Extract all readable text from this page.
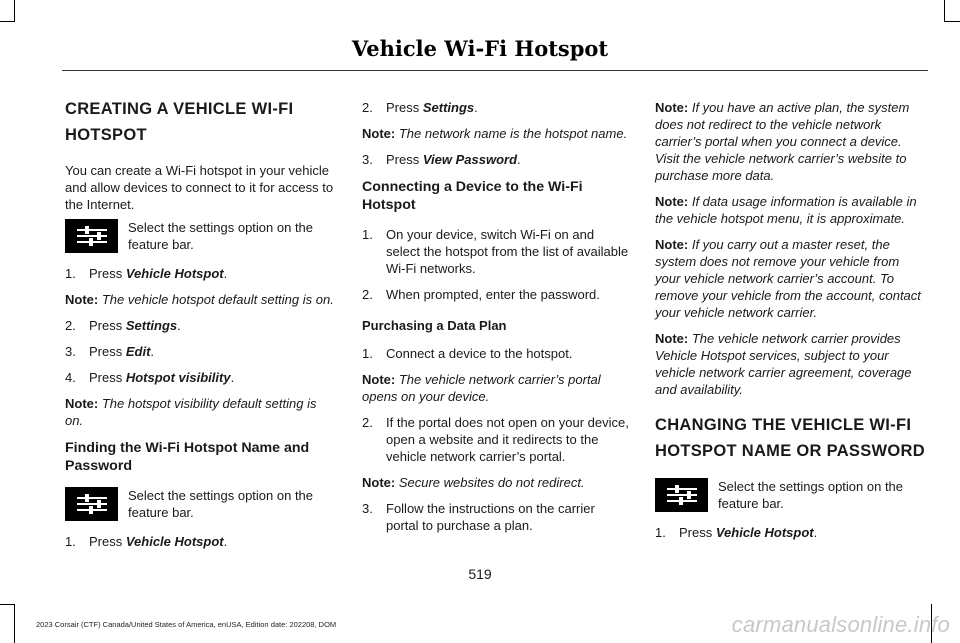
Vehicle Wi-Fi Hotspot
CREATING A VEHICLE WI-FI
HOTSPOT

You can create a Wi-Fi hotspot in your vehicle and allow devices to connect to it for access to the Internet.

Select the settings option on the feature bar.
1.	Press Vehicle Hotspot.

Note: The vehicle hotspot default setting is on.

2.	Press Settings.
3.	Press Edit.
4.	Press Hotspot visibility.

Note: The hotspot visibility default setting is on.

Finding the Wi-Fi Hotspot Name and Password
Select the settings option on the feature bar.
1.	Press Vehicle Hotspot.
2.	Press Settings.

Note: The network name is the hotspot name.

3.	Press View Password.
Connecting a Device to the Wi-Fi Hotspot
1.	On your device, switch Wi-Fi on and select the hotspot from the list of available Wi-Fi networks.
2.	When prompted, enter the password.
Purchasing a Data Plan
1.	Connect a device to the hotspot.

Note: The vehicle network carrier’s portal opens on your device.

2.	If the portal does not open on your device, open a website and it redirects to the vehicle network carrier’s portal.

Note: Secure websites do not redirect.

3.	Follow the instructions on the carrier portal to purchase a plan.

Note: If you have an active plan, the system does not redirect to the vehicle network carrier’s portal when you connect a device. Visit the vehicle network carrier’s website to purchase more data.

Note: If data usage information is available in the vehicle hotspot menu, it is approximate.

Note: If you carry out a master reset, the system does not remove your vehicle from your vehicle network carrier’s account. To remove your vehicle from the account, contact your vehicle network carrier.

Note: The vehicle network carrier provides Vehicle Hotspot services, subject to your vehicle network carrier agreement, coverage and availability.

CHANGING THE VEHICLE WI-FI
HOTSPOT NAME OR PASSWORD
Select the settings option on the feature bar.
1.	Press Vehicle Hotspot.
519
2023 Corsair (CTF) Canada/United States of America, enUSA, Edition date: 202208, DOM	carmanualsonline.info
